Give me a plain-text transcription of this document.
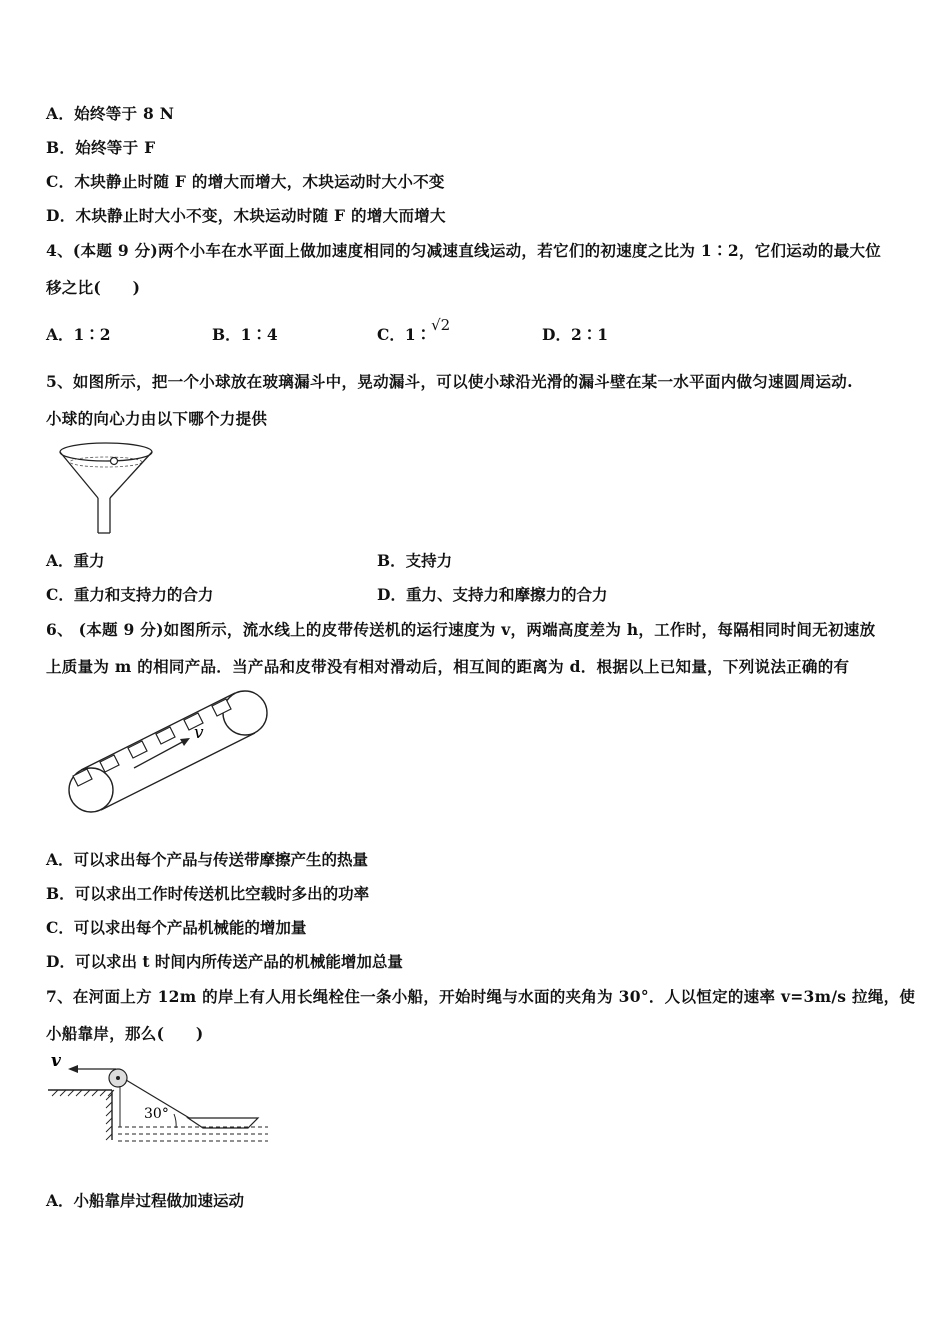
A．始终等于 8 N
B．始终等于 F
C．木块静止时随 F 的增大而增大，木块运动时大小不变
D．木块静止时大小不变，木块运动时随 F 的增大而增大
4、(本题 9 分)两个小车在水平面上做加速度相同的匀减速直线运动，若它们的初速度之比为 1∶2，它们运动的最大位
移之比(　　)
A．1∶2	B．1∶4	C．1∶√2	D．2∶1
5、如图所示，把一个小球放在玻璃漏斗中，晃动漏斗，可以使小球沿光滑的漏斗壁在某一水平面内做匀速圆周运动.
小球的向心力由以下哪个力提供
A．重力	B．支持力
C．重力和支持力的合力	D．重力、支持力和摩擦力的合力
6、 (本题 9 分)如图所示，流水线上的皮带传送机的运行速度为 v，两端高度差为 h，工作时，每隔相同时间无初速放
上质量为 m 的相同产品．当产品和皮带没有相对滑动后，相互间的距离为 d．根据以上已知量，下列说法正确的有
v
A．可以求出每个产品与传送带摩擦产生的热量
B．可以求出工作时传送机比空载时多出的功率
C．可以求出每个产品机械能的增加量
D．可以求出 t 时间内所传送产品的机械能增加总量
7、在河面上方 12m 的岸上有人用长绳栓住一条小船，开始时绳与水面的夹角为 30°．人以恒定的速率 v=3m/s 拉绳，使
小船靠岸，那么(　　)
v
30°
A．小船靠岸过程做加速运动
